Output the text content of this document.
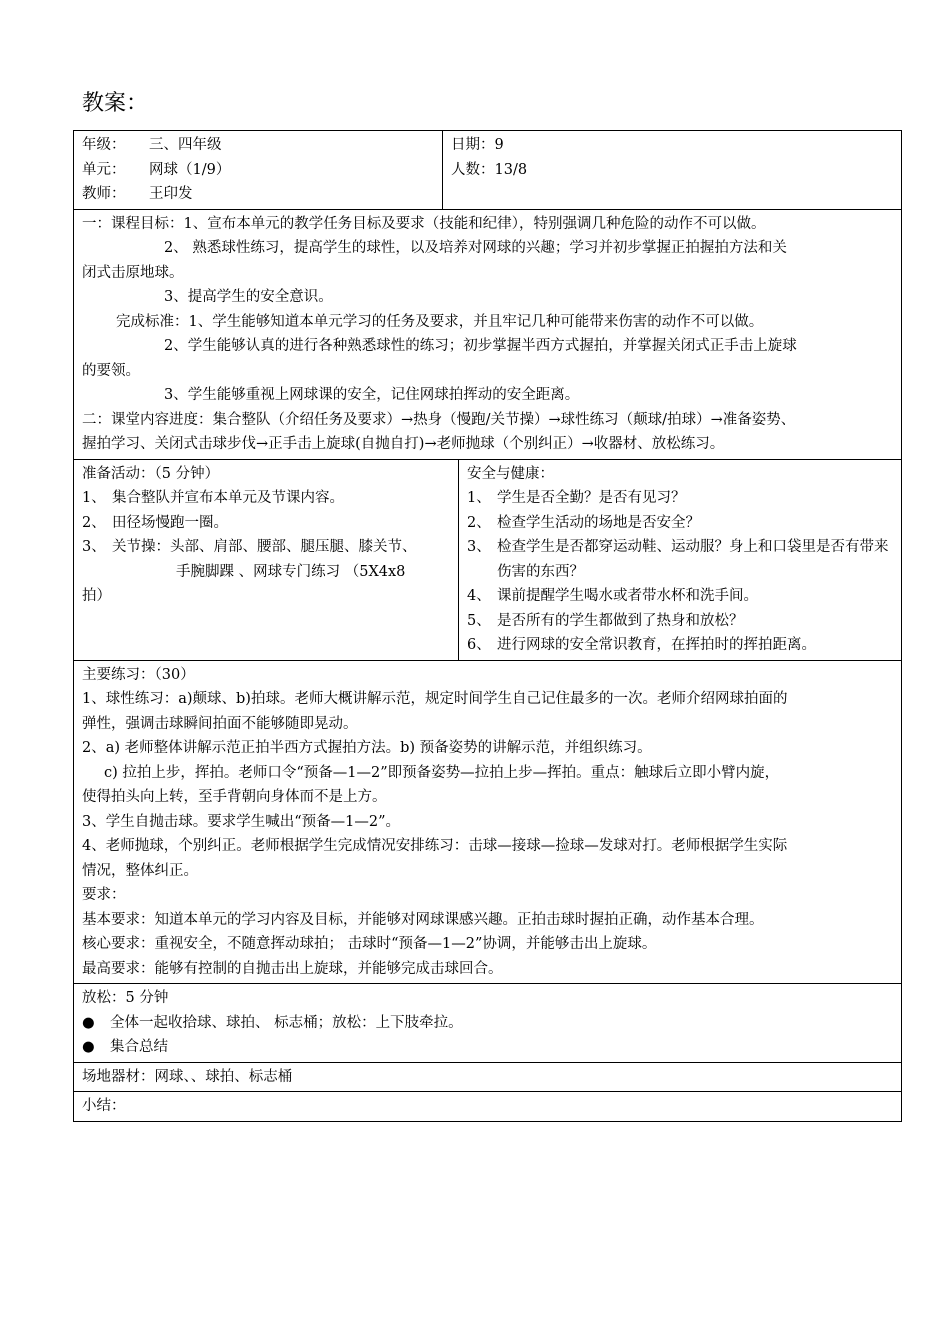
教案：
年级： 三、四年级
单元： 网球（1/9）
教师： 王印发
日期：9
人数：13/8
一：课程目标：1、宣布本单元的教学任务目标及要求（技能和纪律），特别强调几种危险的动作不可以做。
2、 熟悉球性练习，提高学生的球性，以及培养对网球的兴趣；学习并初步掌握正拍握拍方法和关
闭式击原地球。
3、提高学生的安全意识。
完成标准：1、学生能够知道本单元学习的任务及要求，并且牢记几种可能带来伤害的动作不可以做。
2、学生能够认真的进行各种熟悉球性的练习；初步掌握半西方式握拍，并掌握关闭式正手击上旋球
的要领。
3、学生能够重视上网球课的安全，记住网球拍挥动的安全距离。
二：课堂内容进度：集合整队（介绍任务及要求）→热身（慢跑/关节操）→球性练习（颠球/拍球）→准备姿势、
握拍学习、关闭式击球步伐→正手击上旋球(自抛自打)→老师抛球（个别纠正）→收器材、放松练习。
准备活动：（5 分钟）
1、 集合整队并宣布本单元及节课内容。
2、 田径场慢跑一圈。
3、 关节操：头部、肩部、腰部、腿压腿、膝关节、
手腕脚踝 、网球专门练习 （5X4x8
拍）
安全与健康：
1、 学生是否全勤？是否有见习？
2、 检查学生活动的场地是否安全？
3、 检查学生是否都穿运动鞋、运动服？身上和口袋里是否有带来伤害的东西？
4、 课前提醒学生喝水或者带水杯和洗手间。
5、 是否所有的学生都做到了热身和放松？
6、 进行网球的安全常识教育，在挥拍时的挥拍距离。
主要练习：（30）
1、球性练习：a)颠球、b)拍球。老师大概讲解示范，规定时间学生自己记住最多的一次。老师介绍网球拍面的
弹性，强调击球瞬间拍面不能够随即晃动。
2、a) 老师整体讲解示范正拍半西方式握拍方法。b) 预备姿势的讲解示范，并组织练习。
c) 拉拍上步，挥拍。老师口令“预备—1—2”即预备姿势—拉拍上步—挥拍。重点：触球后立即小臂内旋，
使得拍头向上转，至手背朝向身体而不是上方。
3、学生自抛击球。要求学生喊出“预备—1—2”。
4、老师抛球，个别纠正。老师根据学生完成情况安排练习：击球—接球—捡球—发球对打。老师根据学生实际
情况，整体纠正。
要求：
基本要求：知道本单元的学习内容及目标，并能够对网球课感兴趣。正拍击球时握拍正确，动作基本合理。
核心要求：重视安全，不随意挥动球拍； 击球时“预备—1—2”协调，并能够击出上旋球。
最高要求：能够有控制的自抛击出上旋球，并能够完成击球回合。
放松：5 分钟
● 全体一起收拾球、球拍、 标志桶；放松：上下肢牵拉。
● 集合总结
场地器材：网球、、球拍、标志桶
小结：
